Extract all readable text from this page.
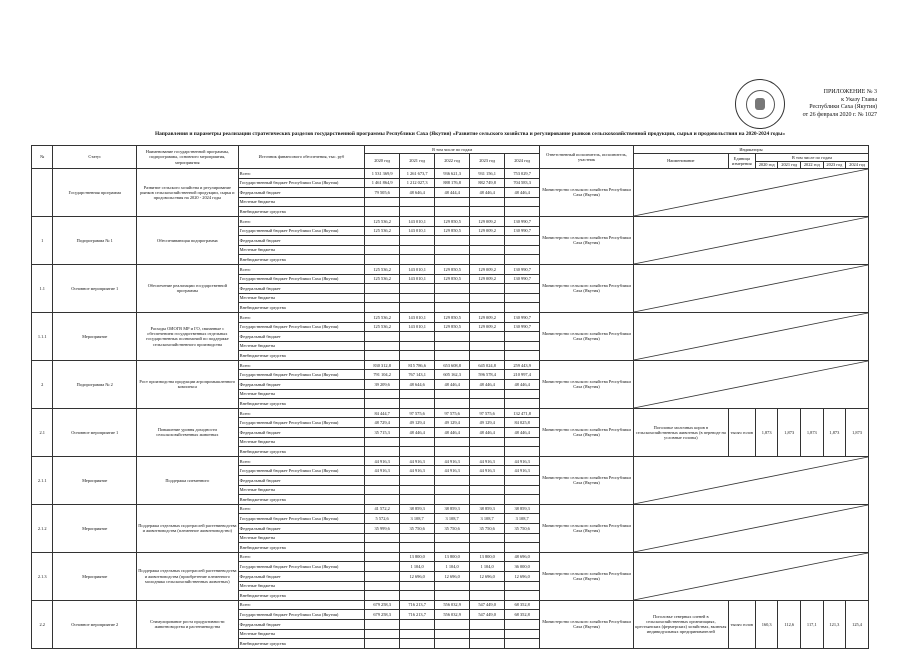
ПРИЛОЖЕНИЕ № 3
к Указу Главы
Республики Саха (Якутия)
от 26 февраля 2020 г. № 1027
Направления и параметры реализации стратегических разделов государственной программы Республики Саха (Якутия) «Развитие сельского хозяйства и регулирование рынков сельскохозяйственной продукции, сырья и продовольствия на 2020-2024 годы»
№	Статус	Наименование государственной программы, подпрограммы, основного мероприятия, мероприятия	Источник финансового обеспечения, тыс. руб	В том числе по годам					Ответственный исполнитель, исполнитель, участник	Индикаторы						
				2020 год	2021 год	2022 год	2023 год	2024 год		Наименование	Единица измерения	В том числе по годам				
												2020 год	2021 год	2022 год	2023 год	2024 год
	Государственная программа	Развитие сельского хозяйства и регулирование рынков сельскохозяйственной продукции, сырья и продовольствия на 2020 - 2024 годы	Всего	1 531 369,9	1 261 673,7	936 621,3	931 156,1	753 029,7	Министерство сельского хозяйства Республики Саха (Якутия)	

			Государственный бюджет Республики Саха (Якутия)	1 461 864,9	1 212 027,3	888 176,8	882 749,8	704 583,3								
			Федеральный бюджет	79 505,6	48 646,4	48 444,4	48 446,4	48 446,4								
			Местные бюджеты													
			Внебюджетные средства													
1	Подпрограмма № 1	Обеспечивающая подпрограмма	Всего	125 536,2	143 010,1	129 850,5	129 009,2	130 990,7	Министерство сельского хозяйства Республики Саха (Якутия)	

			Государственный бюджет Республики Саха (Якутия)	125 536,2	143 010,1	129 850,5	129 009,2	130 990,7								
			Федеральный бюджет													
			Местные бюджеты													
			Внебюджетные средства													
1.1	Основное мероприятие 1	Обеспечение реализации государственной программы	Всего	125 536,2	143 010,1	129 850,5	129 009,2	130 990,7	Министерство сельского хозяйства Республики Саха (Якутия)	

			Государственный бюджет Республики Саха (Якутия)	125 536,2	143 010,1	129 850,5	129 009,2	130 990,7								
			Федеральный бюджет													
			Местные бюджеты													
			Внебюджетные средства													
1.1.1	Мероприятие	Расходы ОИОГВ МР и ГО, связанные с обеспечением государственных отдельных государственных полномочий по поддержке сельскохозяйственного производства	Всего	125 536,2	143 010,1	129 850,5	129 009,2	130 990,7	Министерство сельского хозяйства Республики Саха (Якутия)	

			Государственный бюджет Республики Саха (Якутия)	125 536,2	143 010,1	129 850,5	129 009,2	130 990,7								
			Федеральный бюджет													
			Местные бюджеты													
			Внебюджетные средства													
2	Подпрограмма № 2	Рост производства продукции агропромышленного комплекса	Всего	830 312,8	815 786,6	653 608,8	645 024,8	259 443,9	Министерство сельского хозяйства Республики Саха (Якутия)	

			Государственный бюджет Республики Саха (Якутия)	791 104,2	767 143,1	605 162,3	596 578,4	210 997,4								
			Федеральный бюджет	39 209,6	48 644,6	48 446,4	48 446,4	48 446,4								
			Местные бюджеты													
			Внебюджетные средства													
2.1	Основное мероприятие 1	Повышение уровня доходности сельскохозяйственных животных	Всего	84 444,7	97 575,6	97 575,6	97 575,6	132 471,8	Министерство сельского хозяйства Республики Саха (Якутия)	Поголовье молочных коров в сельскохозяйственных животных (в переводе на условные головы)	тысяч голов	1,873	1,873	1,873	1,873	1,873
			Государственный бюджет Республики Саха (Якутия)	48 729,4	49 129,4	49 129,4	49 129,4	84 025,8								
			Федеральный бюджет	35 715,3	48 446,4	48 446,4	48 446,4	48 446,4								
			Местные бюджеты													
			Внебюджетные средства													
2.1.1	Мероприятие	Поддержка племенного	Всего	44 916,3	44 916,3	44 916,3	44 916,3	44 916,3	Министерство сельского хозяйства Республики Саха (Якутия)	

			Государственный бюджет Республики Саха (Якутия)	44 916,3	44 916,3	44 916,3	44 916,3	44 916,3								
			Федеральный бюджет													
			Местные бюджеты													
			Внебюджетные средства													
2.1.2	Мероприятие	Поддержка отдельных подотраслей растениеводства и животноводства (племенное животноводство)	Всего	41 572,2	38 859,3	38 859,3	38 859,3	38 859,3	Министерство сельского хозяйства Республики Саха (Якутия)	

			Государственный бюджет Республики Саха (Якутия)	5 572,6	3 108,7	3 108,7	3 108,7	3 108,7								
			Федеральный бюджет	35 999,6	35 750,6	35 750,6	35 750,6	35 750,6								
			Местные бюджеты													
			Внебюджетные средства													
2.1.3	Мероприятие	Поддержка отдельных подотраслей растениеводства и животноводства (приобретение племенного молодняка сельскохозяйственных животных)	Всего		13 800,0	13 800,0	13 800,0	48 696,0	Министерство сельского хозяйства Республики Саха (Якутия)	

			Государственный бюджет Республики Саха (Якутия)		1 104,0	1 104,0	1 104,0	36 000,0								
			Федеральный бюджет		12 696,0	12 696,0	12 696,0	12 696,0								
			Местные бюджеты													
			Внебюджетные средства													
2.2	Основное мероприятие 2	Стимулирование роста продуктивности животноводства и растениеводства	Всего	679 258,3	716 213,7	556 032,9	547 449,0	68 352,8	Министерство сельского хозяйства Республики Саха (Якутия)	Поголовье северных оленей в сельскохозяйственных организациях, крестьянских (фермерских) хозяйствах, включая индивидуальных предпринимателей	тысяч голов	160,3	112,6	117,1	121,3	125,4
			Государственный бюджет Республики Саха (Якутия)	679 258,3	716 213,7	556 032,9	547 449,0	68 352,8								
			Федеральный бюджет													
			Местные бюджеты													
			Внебюджетные средства													
